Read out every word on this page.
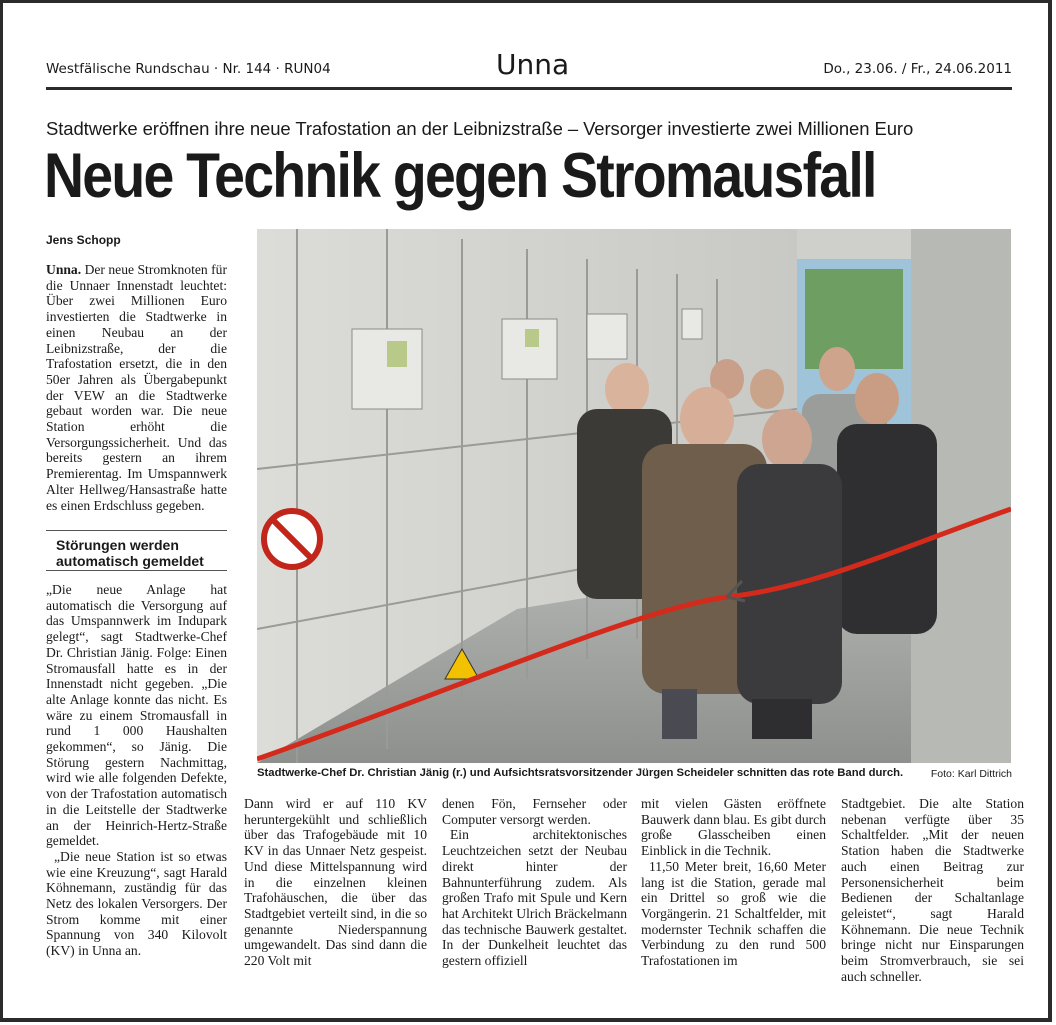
Westfälische Rundschau · Nr. 144 · RUN04	Unna	Do., 23.06. / Fr., 24.06.2011
Stadtwerke eröffnen ihre neue Trafostation an der Leibnizstraße – Versorger investierte zwei Millionen Euro
Neue Technik gegen Stromausfall
Jens Schopp

Unna. Der neue Stromknoten für die Unnaer Innenstadt leuchtet: Über zwei Millionen Euro investierten die Stadtwerke in einen Neubau an der Leibnizstraße, der die Trafostation ersetzt, die in den 50er Jahren als Übergabepunkt der VEW an die Stadtwerke gebaut worden war. Die neue Station erhöht die Versorgungssicherheit. Und das bereits gestern an ihrem Premierentag. Im Umspannwerk Alter Hellweg/Hansastraße hatte es einen Erdschluss gegeben.

Störungen werden automatisch gemeldet

„Die neue Anlage hat automatisch die Versorgung auf das Umspannwerk im Indupark gelegt“, sagt Stadtwerke-Chef Dr. Christian Jänig. Folge: Einen Stromausfall hatte es in der Innenstadt nicht gegeben. „Die alte Anlage konnte das nicht. Es wäre zu einem Stromausfall in rund 1 000 Haushalten gekommen“, so Jänig. Die Störung gestern Nachmittag, wird wie alle folgenden Defekte, von der Trafostation automatisch in die Leitstelle der Stadtwerke an der Heinrich-Hertz-Straße gemeldet.

„Die neue Station ist so etwas wie eine Kreuzung“, sagt Harald Köhnemann, zuständig für das Netz des lokalen Versorgers. Der Strom komme mit einer Spannung von 340 Kilovolt (KV) in Unna an.

Stadtwerke-Chef Dr. Christian Jänig (r.) und Aufsichtsratsvorsitzender Jürgen Scheideler schnitten das rote Band durch.	Foto: Karl Dittrich

Dann wird er auf 110 KV heruntergekühlt und schließlich über das Trafogebäude mit 10 KV in das Unnaer Netz gespeist. Und diese Mittelspannung wird in die einzelnen kleinen Trafohäuschen, die über das Stadtgebiet verteilt sind, in die so genannte Niederspannung umgewandelt. Das sind dann die 220 Volt mit

denen Fön, Fernseher oder Computer versorgt werden.

Ein architektonisches Leuchtzeichen setzt der Neubau direkt hinter der Bahnunterführung zudem. Als großen Trafo mit Spule und Kern hat Architekt Ulrich Bräckelmann das technische Bauwerk gestaltet. In der Dunkelheit leuchtet das gestern offiziell

mit vielen Gästen eröffnete Bauwerk dann blau. Es gibt durch große Glasscheiben einen Einblick in die Technik.

11,50 Meter breit, 16,60 Meter lang ist die Station, gerade mal ein Drittel so groß wie die Vorgängerin. 21 Schaltfelder, mit modernster Technik schaffen die Verbindung zu den rund 500 Trafostationen im

Stadtgebiet. Die alte Station nebenan verfügte über 35 Schaltfelder. „Mit der neuen Station haben die Stadtwerke auch einen Beitrag zur Personensicherheit beim Bedienen der Schaltanlage geleistet“, sagt Harald Köhnemann. Die neue Technik bringe nicht nur Einsparungen beim Stromverbrauch, sie sei auch schneller.
